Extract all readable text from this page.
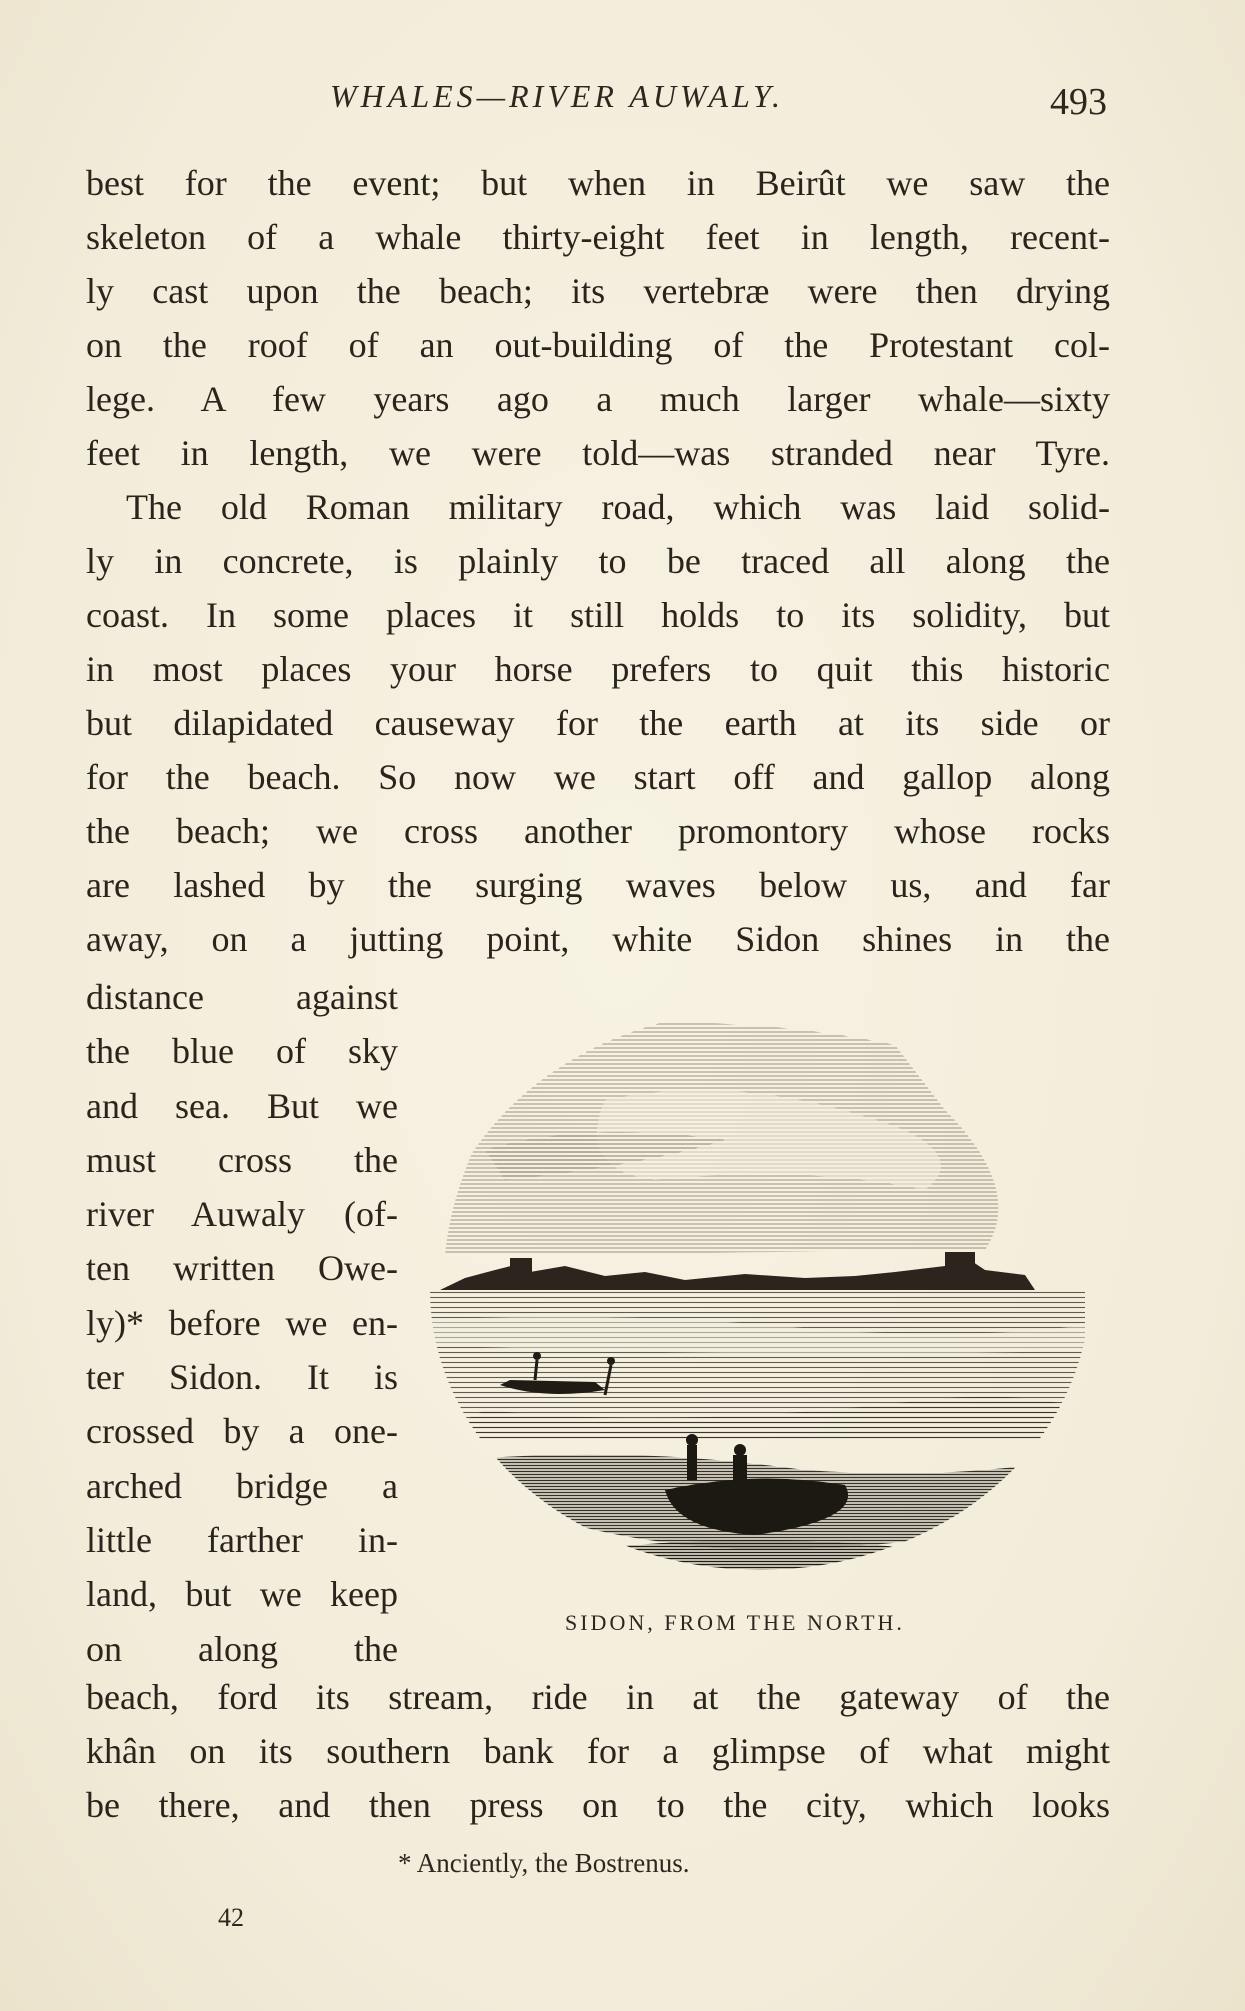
WHALES—RIVER AUWALY.	493
best for the event; but when in Beirût we saw the
skeleton of a whale thirty-eight feet in length, recent-
ly cast upon the beach; its vertebræ were then drying
on the roof of an out-building of the Protestant col-
lege. A few years ago a much larger whale—sixty
feet in length, we were told—was stranded near Tyre.
The old Roman military road, which was laid solid-
ly in concrete, is plainly to be traced all along the
coast. In some places it still holds to its solidity, but
in most places your horse prefers to quit this historic
but dilapidated causeway for the earth at its side or
for the beach. So now we start off and gallop along
the beach; we cross another promontory whose rocks
are lashed by the surging waves below us, and far
away, on a jutting point, white Sidon shines in the
distance against
the blue of sky
and sea. But we
must cross the
river Auwaly (of-
ten written Owe-
ly)* before we en-
ter Sidon. It is
crossed by a one-
arched bridge a
little farther in-
land, but we keep
on along the
SIDON, FROM THE NORTH.
beach, ford its stream, ride in at the gateway of the
khân on its southern bank for a glimpse of what might
be there, and then press on to the city, which looks
* Anciently, the Bostrenus.
42
